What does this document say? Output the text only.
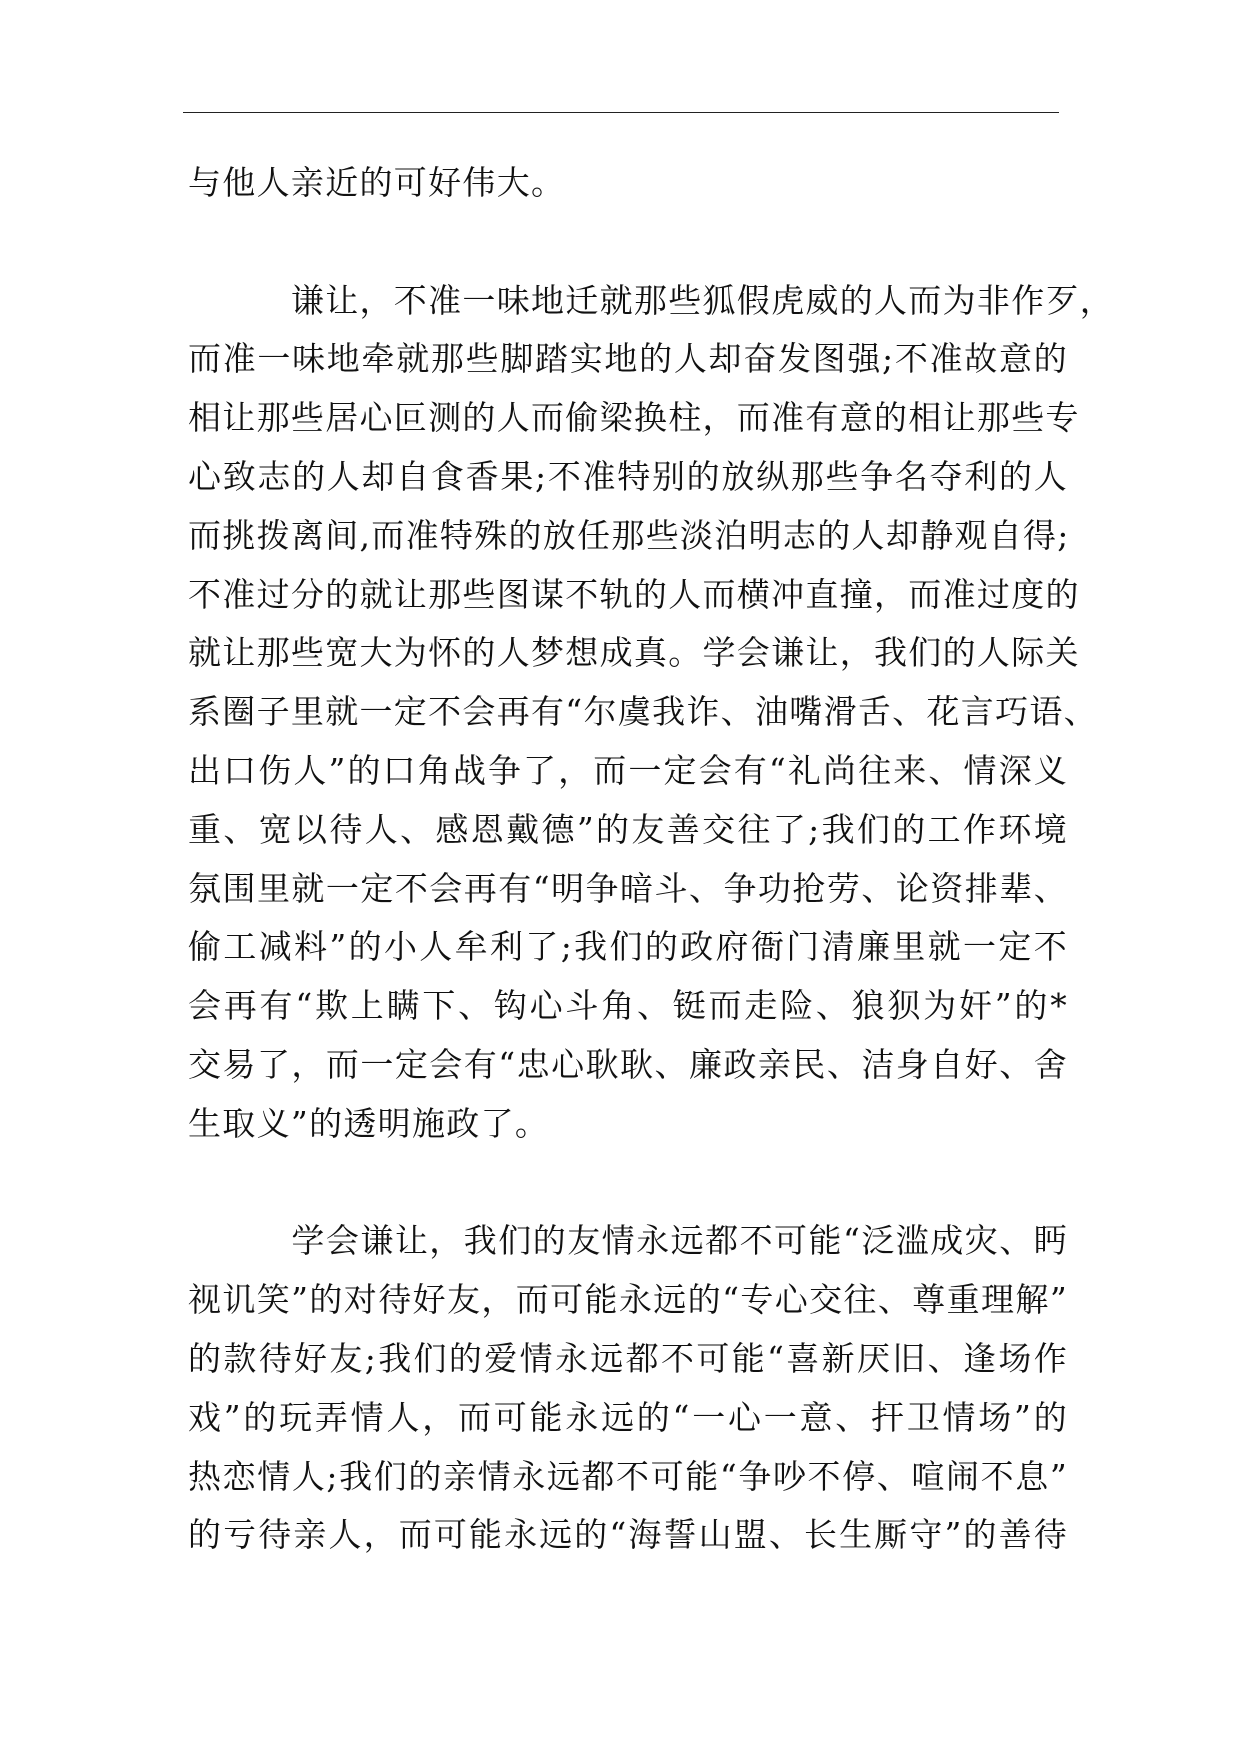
与他人亲近的可好伟大。
　　　谦让，不准一味地迁就那些狐假虎威的人而为非作歹，
而准一味地牵就那些脚踏实地的人却奋发图强;不准故意的
相让那些居心叵测的人而偷梁换柱，而准有意的相让那些专
心致志的人却自食香果;不准特别的放纵那些争名夺利的人
而挑拨离间,而准特殊的放任那些淡泊明志的人却静观自得;
不准过分的就让那些图谋不轨的人而横冲直撞，而准过度的
就让那些宽大为怀的人梦想成真。学会谦让，我们的人际关
系圈子里就一定不会再有“尔虞我诈、油嘴滑舌、花言巧语、
出口伤人”的口角战争了，而一定会有“礼尚往来、情深义
重、宽以待人、感恩戴德”的友善交往了;我们的工作环境
氛围里就一定不会再有“明争暗斗、争功抢劳、论资排辈、
偷工减料”的小人牟利了;我们的政府衙门清廉里就一定不
会再有“欺上瞒下、钩心斗角、铤而走险、狼狈为奸”的*
交易了，而一定会有“忠心耿耿、廉政亲民、洁身自好、舍
生取义”的透明施政了。
　　　学会谦让，我们的友情永远都不可能“泛滥成灾、眄
视讥笑”的对待好友，而可能永远的“专心交往、尊重理解”
的款待好友;我们的爱情永远都不可能“喜新厌旧、逢场作
戏”的玩弄情人，而可能永远的“一心一意、扞卫情场”的
热恋情人;我们的亲情永远都不可能“争吵不停、喧闹不息”
的亏待亲人，而可能永远的“海誓山盟、长生厮守”的善待
